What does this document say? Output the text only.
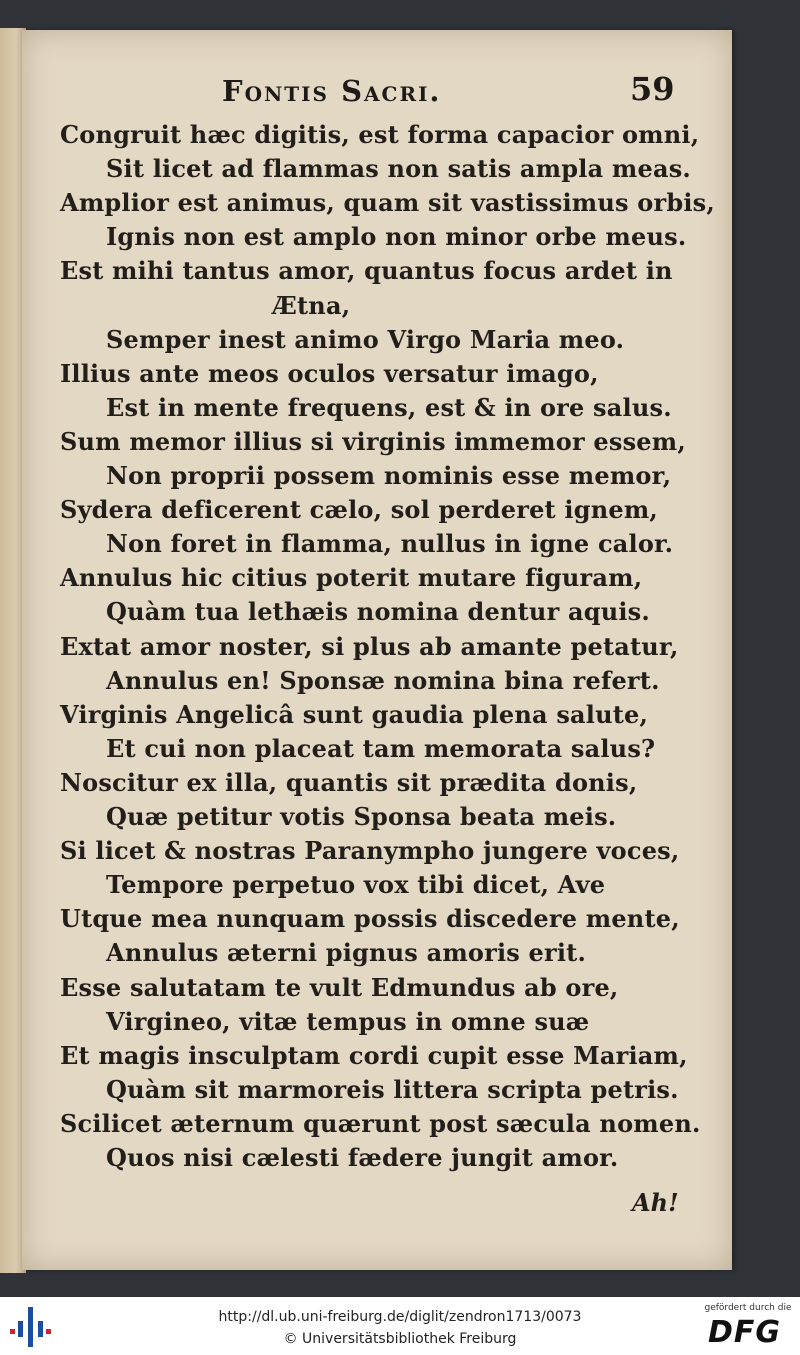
Fontis Sacri.	59
Congruit hæc digitis, est forma capacior omni,
Sit licet ad flammas non satis ampla meas.
Amplior est animus, quam sit vastissimus orbis,
Ignis non est amplo non minor orbe meus.
Est mihi tantus amor, quantus focus ardet in
Ætna,
Semper inest animo Virgo Maria meo.
Illius ante meos oculos versatur imago,
Est in mente frequens, est & in ore salus.
Sum memor illius si virginis immemor essem,
Non proprii possem nominis esse memor,
Sydera deficerent cælo, sol perderet ignem,
Non foret in flamma, nullus in igne calor.
Annulus hic citius poterit mutare figuram,
Quàm tua lethæis nomina dentur aquis.
Extat amor noster, si plus ab amante petatur,
Annulus en! Sponsæ nomina bina refert.
Virginis Angelicâ sunt gaudia plena salute,
Et cui non placeat tam memorata salus?
Noscitur ex illa, quantis sit prædita donis,
Quæ petitur votis Sponsa beata meis.
Si licet & nostras Paranympho jungere voces,
Tempore perpetuo vox tibi dicet, Ave
Utque mea nunquam possis discedere mente,
Annulus æterni pignus amoris erit.
Esse salutatam te vult Edmundus ab ore,
Virgineo, vitæ tempus in omne suæ
Et magis insculptam cordi cupit esse Mariam,
Quàm sit marmoreis littera scripta petris.
Scilicet æternum quærunt post sæcula nomen.
Quos nisi cælesti fædere jungit amor.
Ah!
http://dl.ub.uni-freiburg.de/diglit/zendron1713/0073
© Universitätsbibliothek Freiburg
gefördert durch die
DFG
